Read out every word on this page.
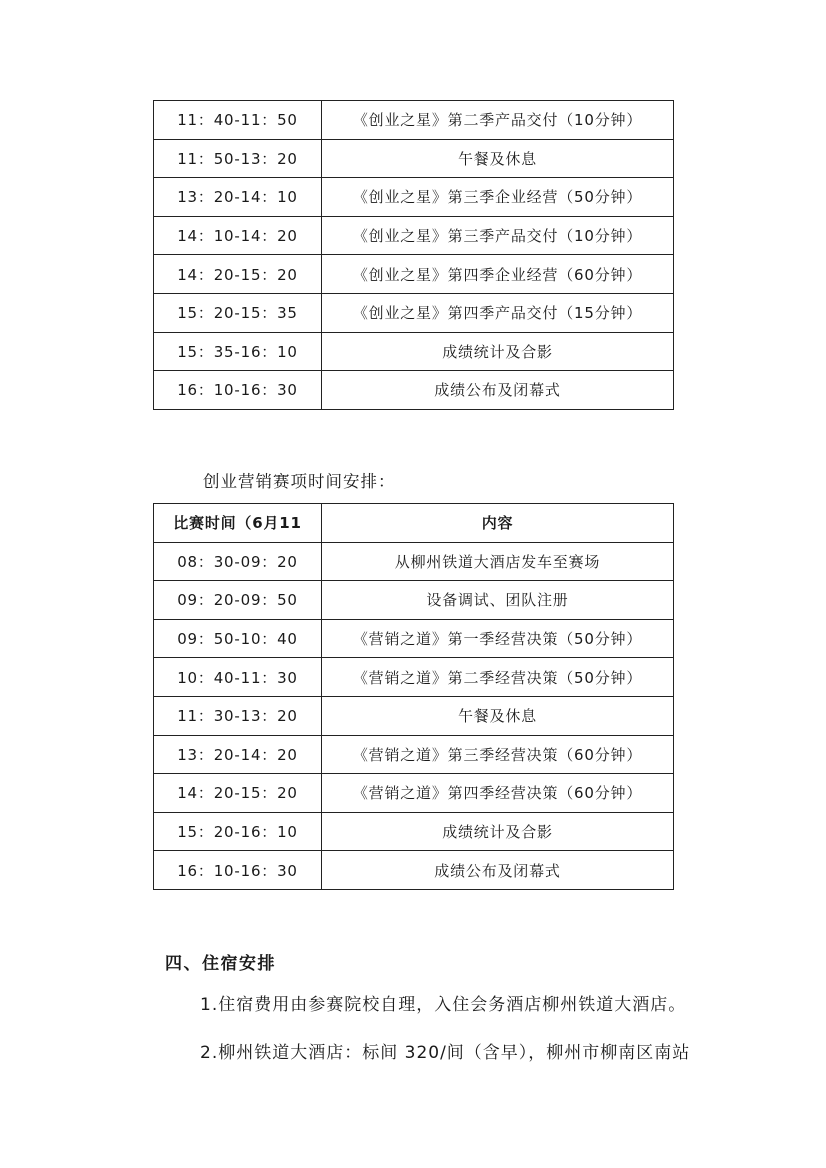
11：40-11：50	《创业之星》第二季产品交付（10分钟）
11：50-13：20	午餐及休息
13：20-14：10	《创业之星》第三季企业经营（50分钟）
14：10-14：20	《创业之星》第三季产品交付（10分钟）
14：20-15：20	《创业之星》第四季企业经营（60分钟）
15：20-15：35	《创业之星》第四季产品交付（15分钟）
15：35-16：10	成绩统计及合影
16：10-16：30	成绩公布及闭幕式

创业营销赛项时间安排：

比赛时间（6月11	内容
08：30-09：20	从柳州铁道大酒店发车至赛场
09：20-09：50	设备调试、团队注册
09：50-10：40	《营销之道》第一季经营决策（50分钟）
10：40-11：30	《营销之道》第二季经营决策（50分钟）
11：30-13：20	午餐及休息
13：20-14：20	《营销之道》第三季经营决策（60分钟）
14：20-15：20	《营销之道》第四季经营决策（60分钟）
15：20-16：10	成绩统计及合影
16：10-16：30	成绩公布及闭幕式
四、住宿安排

1.住宿费用由参赛院校自理，入住会务酒店柳州铁道大酒店。

2.柳州铁道大酒店：标间 320/间（含早），柳州市柳南区南站
